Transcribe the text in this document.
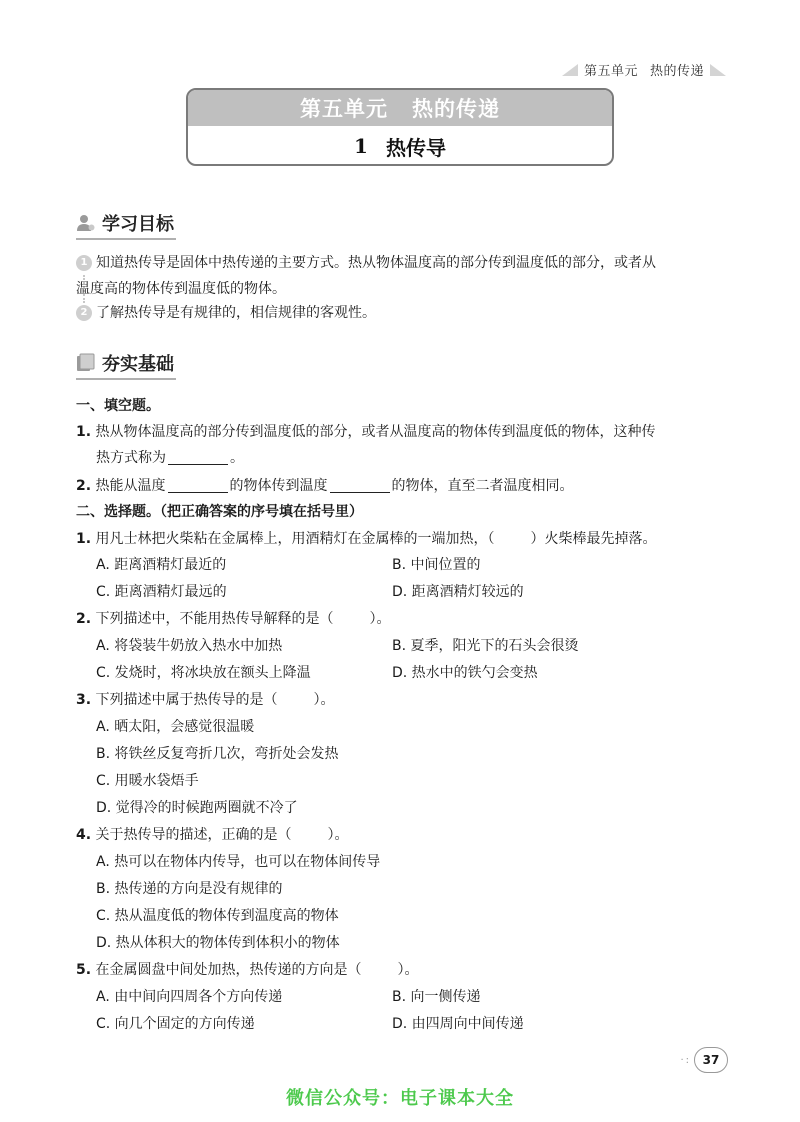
第五单元 热的传递
第五单元 热的传递
1 热传导
学习目标
1 知道热传导是固体中热传递的主要方式。热从物体温度高的部分传到温度低的部分，或者从
温度高的物体传到温度低的物体。
2 了解热传导是有规律的，相信规律的客观性。
夯实基础
一、填空题。
1. 热从物体温度高的部分传到温度低的部分，或者从温度高的物体传到温度低的物体，这种传
热方式称为	。
2. 热能从温度	的物体传到温度	的物体，直至二者温度相同。
二、选择题。（把正确答案的序号填在括号里）
1. 用凡士林把火柴粘在金属棒上，用酒精灯在金属棒的一端加热，（	）火柴棒最先掉落。
A. 距离酒精灯最近的	B. 中间位置的
C. 距离酒精灯最远的	D. 距离酒精灯较远的
2. 下列描述中，不能用热传导解释的是（	）。
A. 将袋装牛奶放入热水中加热	B. 夏季，阳光下的石头会很烫
C. 发烧时，将冰块放在额头上降温	D. 热水中的铁勺会变热
3. 下列描述中属于热传导的是（	）。
A. 晒太阳，会感觉很温暖
B. 将铁丝反复弯折几次，弯折处会发热
C. 用暖水袋焐手
D. 觉得冷的时候跑两圈就不冷了
4. 关于热传导的描述，正确的是（	）。
A. 热可以在物体内传导，也可以在物体间传导
B. 热传递的方向是没有规律的
C. 热从温度低的物体传到温度高的物体
D. 热从体积大的物体传到体积小的物体
5. 在金属圆盘中间处加热，热传递的方向是（	）。
A. 由中间向四周各个方向传递	B. 向一侧传递
C. 向几个固定的方向传递	D. 由四周向中间传递
·: 37
微信公众号：电子课本大全
